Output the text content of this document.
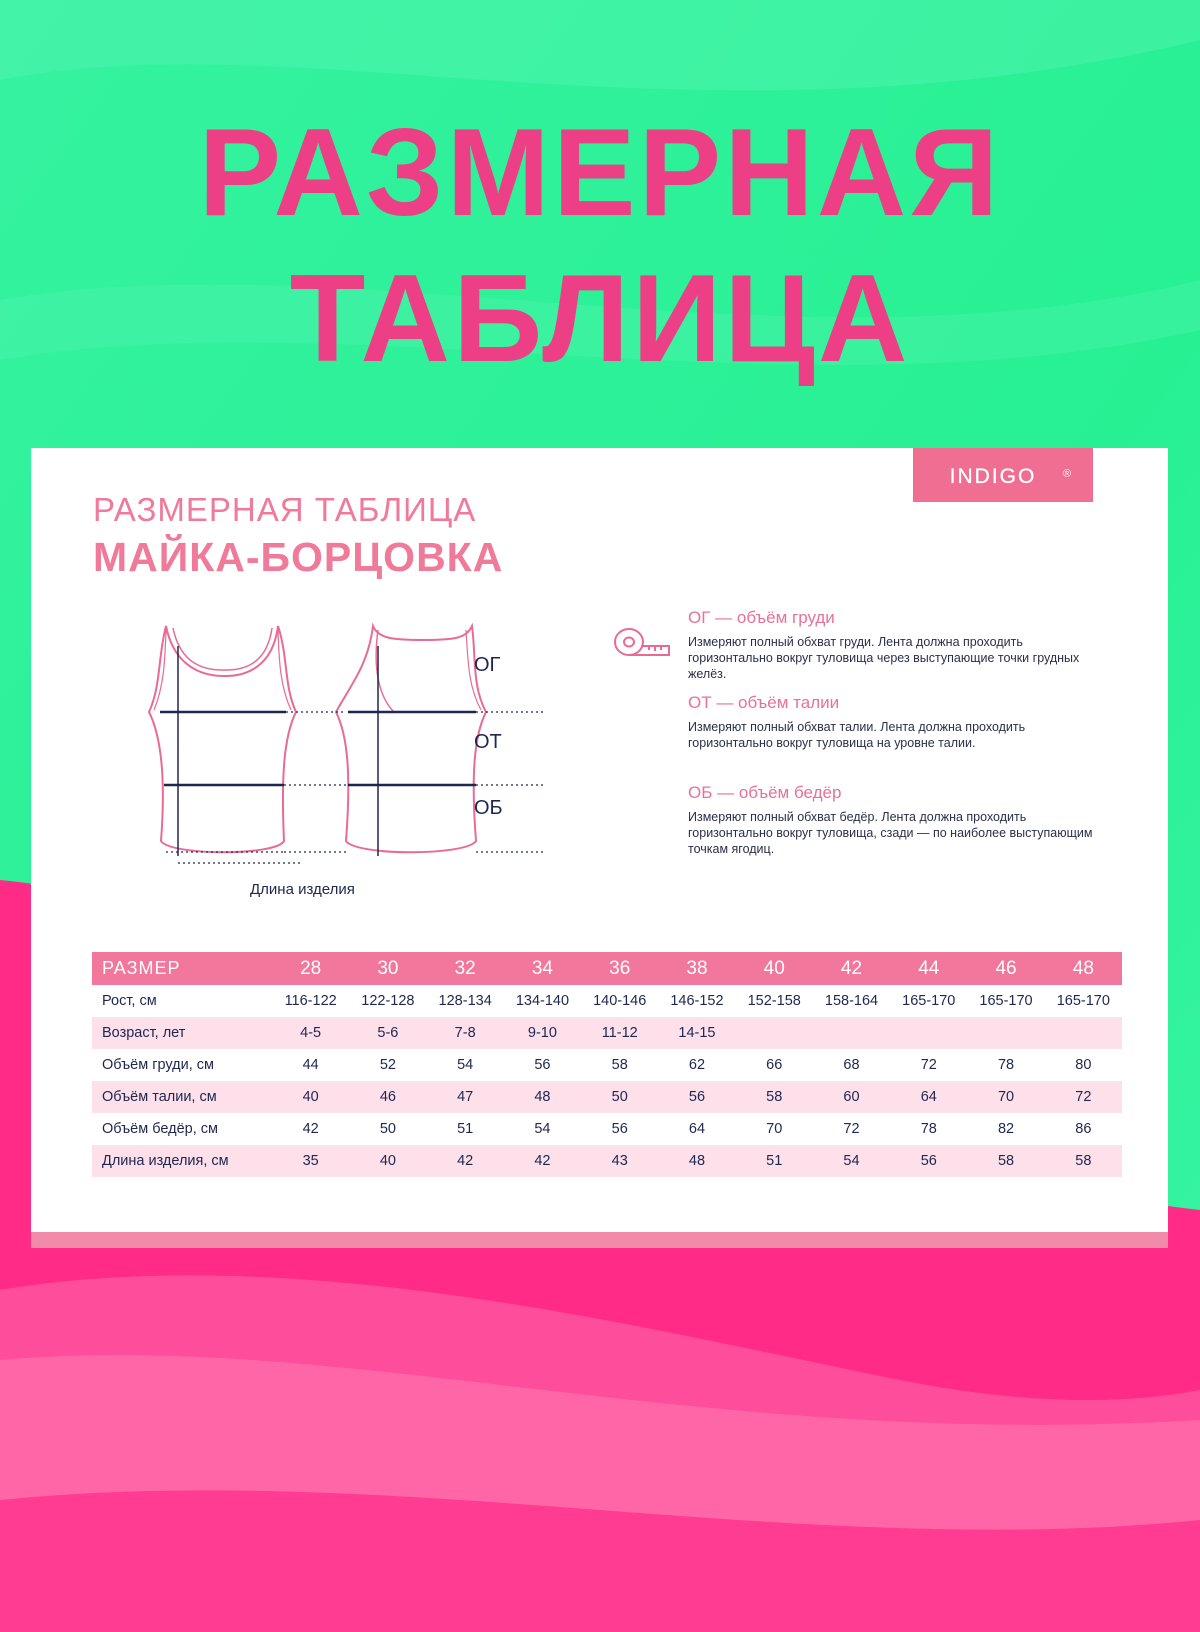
РАЗМЕРНАЯ
ТАБЛИЦА
INDIGO ®
РАЗМЕРНАЯ ТАБЛИЦА
МАЙКА-БОРЦОВКА
ОГ
ОТ
ОБ
Длина изделия
ОГ — объём груди

Измеряют полный обхват груди. Лента должна проходить горизонтально вокруг туловища через выступающие точки грудных желёз.

ОТ — объём талии

Измеряют полный обхват талии. Лента должна проходить горизонтально вокруг туловища на уровне талии.

ОБ — объём бедёр

Измеряют полный обхват бедёр. Лента должна проходить горизонтально вокруг туловища, сзади — по наиболее выступающим точкам ягодиц.

РАЗМЕР	28	30	32	34	36	38	40	42	44	46	48
Рост, см	116-122	122-128	128-134	134-140	140-146	146-152	152-158	158-164	165-170	165-170	165-170
Возраст, лет	4-5	5-6	7-8	9-10	11-12	14-15					
Объём груди, см	44	52	54	56	58	62	66	68	72	78	80
Объём талии, см	40	46	47	48	50	56	58	60	64	70	72
Объём бедёр, см	42	50	51	54	56	64	70	72	78	82	86
Длина изделия, см	35	40	42	42	43	48	51	54	56	58	58
